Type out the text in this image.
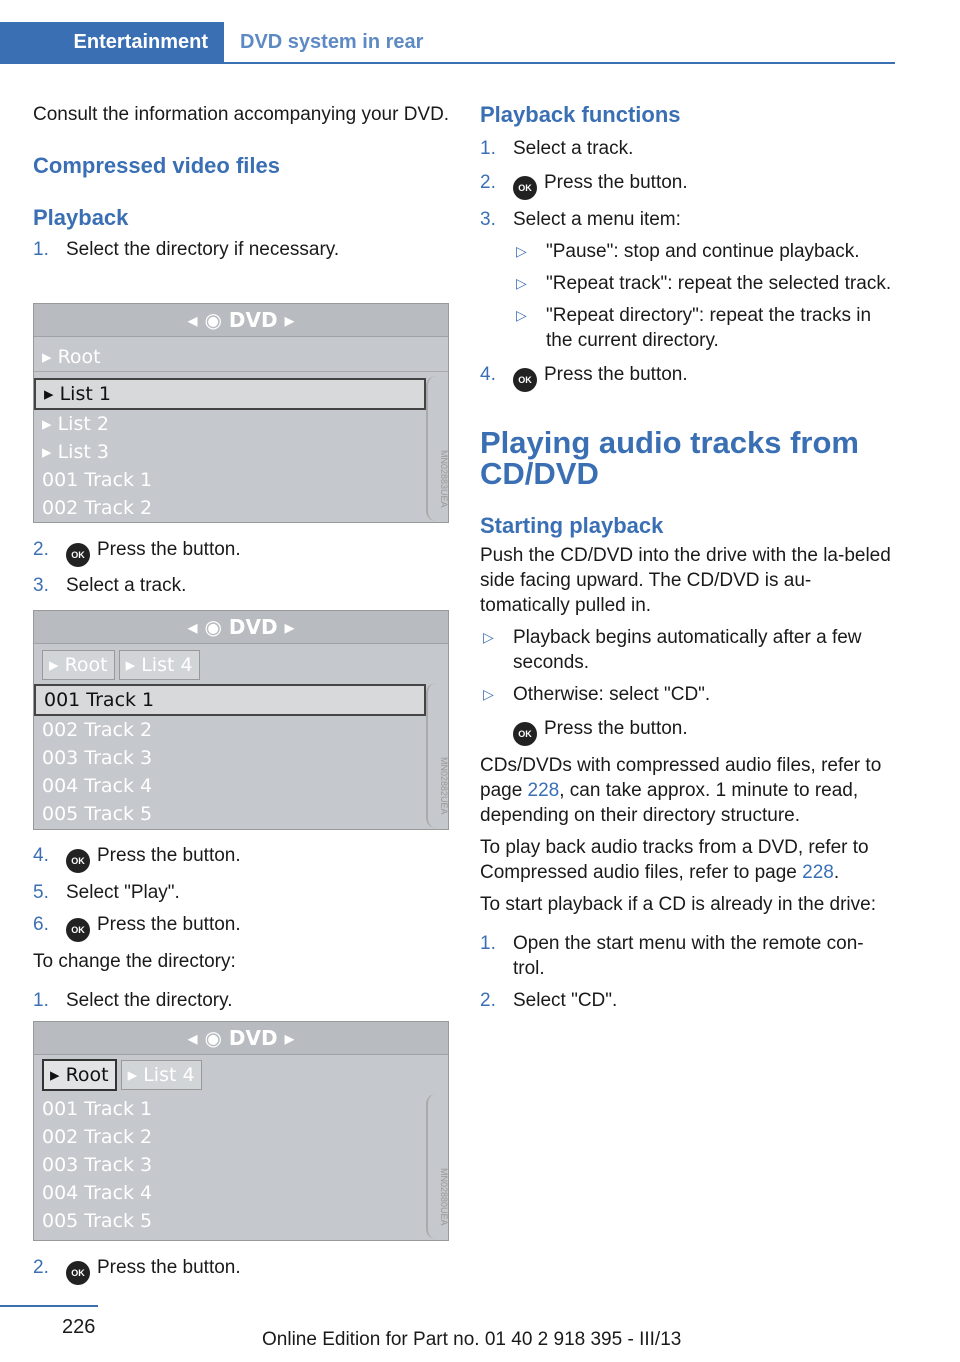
Entertainment	DVD system in rear

Consult the information accompanying your DVD.

Compressed video files
Playback
1. Select the directory if necessary.
◂ ◉ DVD ▸
▸ Root
▸ List 1
▸ List 2
▸ List 3
001 Track 1
002 Track 2
MN02883UEA
2. OK Press the button.
3. Select a track.
◂ ◉ DVD ▸
▸ Root ▸ List 4
001 Track 1
002 Track 2
003 Track 3
004 Track 4
005 Track 5	MN02882UEA
4. OK Press the button.
5. Select "Play".
6. OK Press the button.

To change the directory:

1. Select the directory.
◂ ◉ DVD ▸
▸ Root ▸ List 4
001 Track 1
002 Track 2
003 Track 3
004 Track 4
005 Track 5	MN02880UEA
2. OK Press the button.
Playback functions
1. Select a track.
2. OK Press the button.
3. Select a menu item:
▷ "Pause": stop and continue playback.
▷ "Repeat track": repeat the selected track.
▷ "Repeat directory": repeat the tracks in the current directory.
4. OK Press the button.
Playing audio tracks from CD/DVD
Starting playback

Push the CD/DVD into the drive with the la‐beled side facing upward. The CD/DVD is au‐tomatically pulled in.

▷ Playback begins automatically after a few seconds.
▷ Otherwise: select "CD".
OK Press the button.

CDs/DVDs with compressed audio files, refer to page 228, can take approx. 1 minute to read, depending on their directory structure.

To play back audio tracks from a DVD, refer to Compressed audio files, refer to page 228.

To start playback if a CD is already in the drive:

1. Open the start menu with the remote con‐trol.
2. Select "CD".
226
Online Edition for Part no. 01 40 2 918 395 - III/13
